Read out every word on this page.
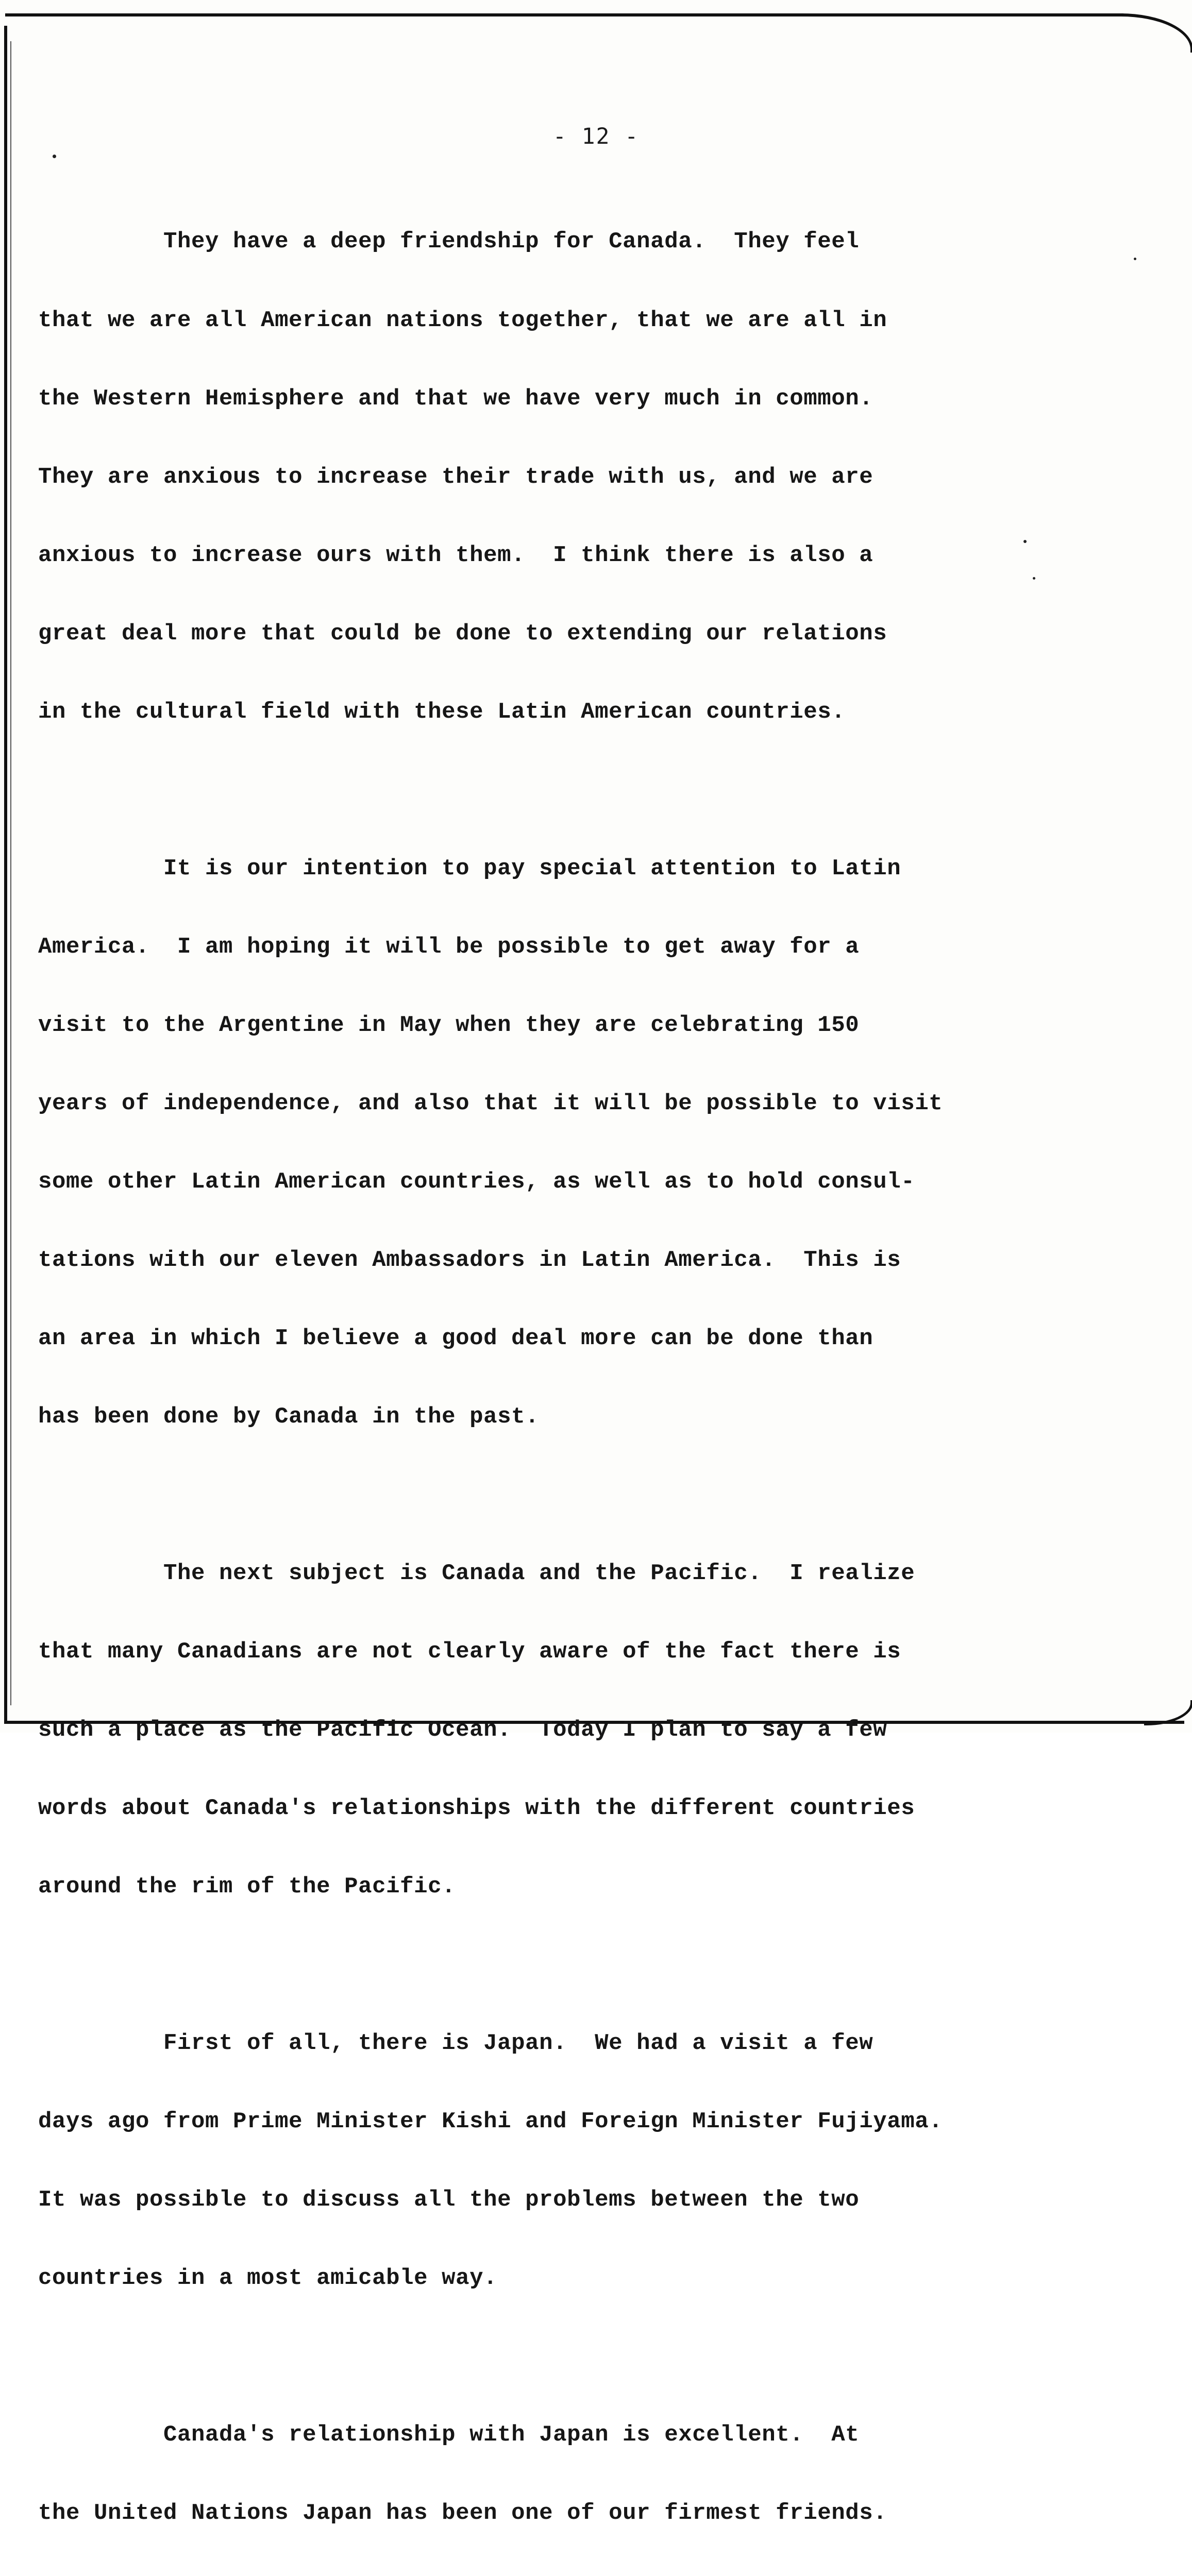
- 12 -

They have a deep friendship for Canada.  They feel

that we are all American nations together, that we are all in

the Western Hemisphere and that we have very much in common.

They are anxious to increase their trade with us, and we are

anxious to increase ours with them.  I think there is also a

great deal more that could be done to extending our relations

in the cultural field with these Latin American countries.

It is our intention to pay special attention to Latin

America.  I am hoping it will be possible to get away for a

visit to the Argentine in May when they are celebrating 150

years of independence, and also that it will be possible to visit

some other Latin American countries, as well as to hold consul-

tations with our eleven Ambassadors in Latin America.  This is

an area in which I believe a good deal more can be done than

has been done by Canada in the past.

The next subject is Canada and the Pacific.  I realize

that many Canadians are not clearly aware of the fact there is

such a place as the Pacific Ocean.  Today I plan to say a few

words about Canada's relationships with the different countries

around the rim of the Pacific.

First of all, there is Japan.  We had a visit a few

days ago from Prime Minister Kishi and Foreign Minister Fujiyama.

It was possible to discuss all the problems between the two

countries in a most amicable way.

Canada's relationship with Japan is excellent.  At

the United Nations Japan has been one of our firmest friends.
